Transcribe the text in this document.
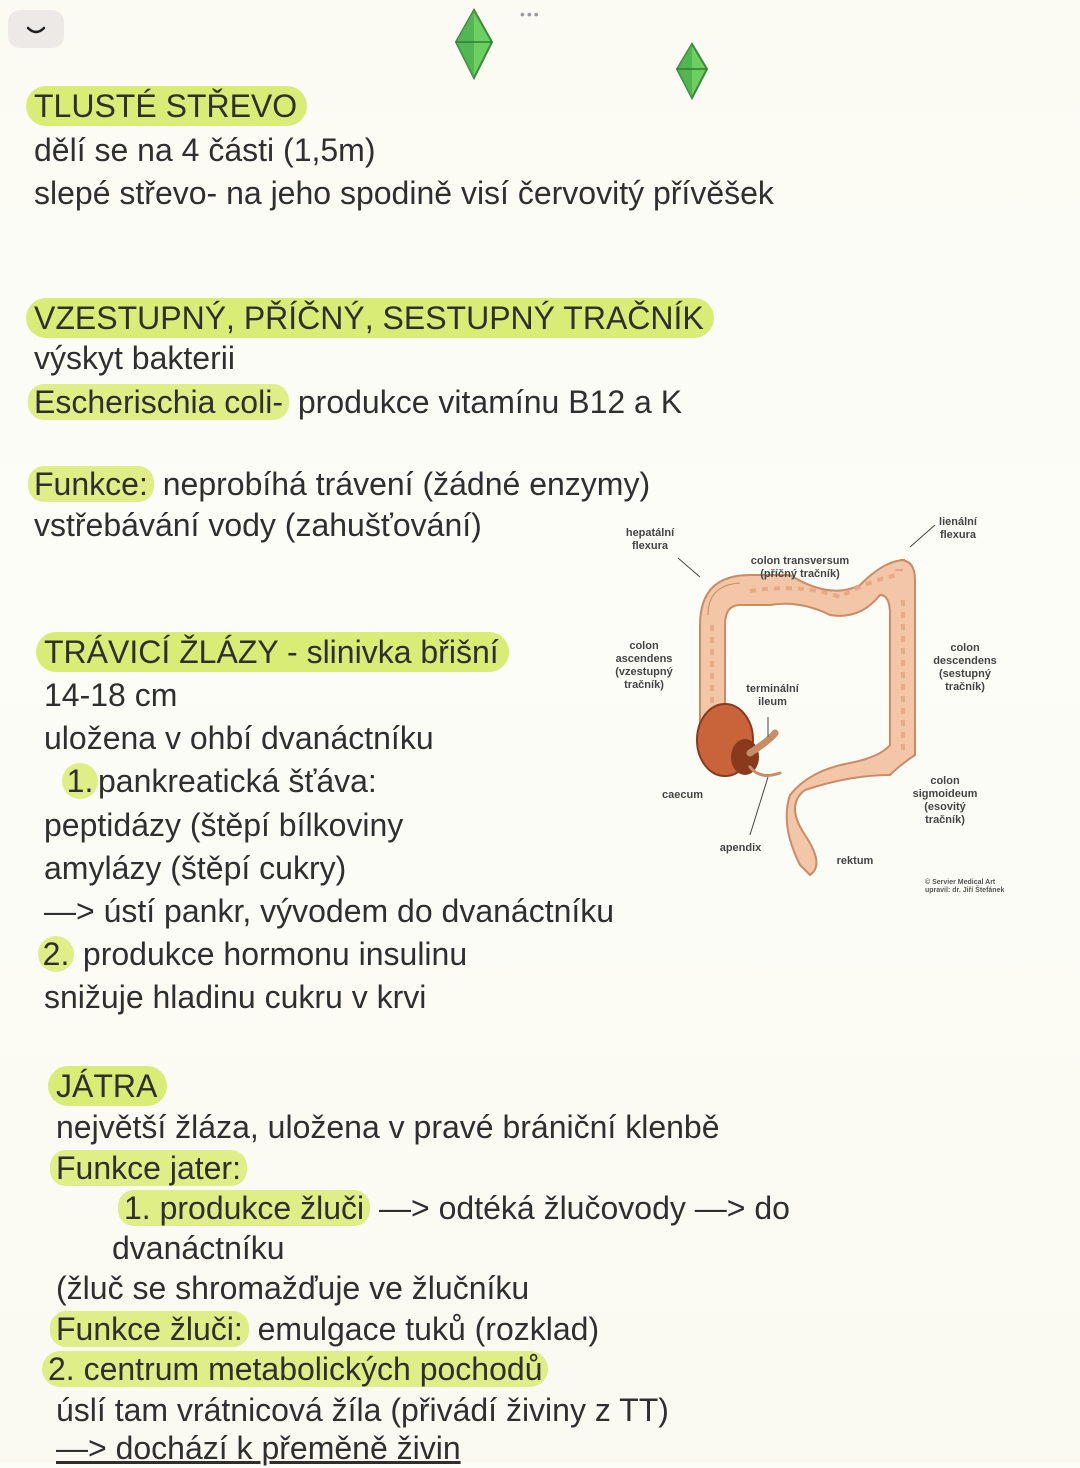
•••
TLUSTÉ STŘEVO
dělí se na 4 části (1,5m)
slepé střevo- na jeho spodině visí červovitý přívěšek
VZESTUPNÝ, PŘÍČNÝ, SESTUPNÝ TRAČNÍK
výskyt bakterii
Escherischia coli- produkce vitamínu B12 a K
Funkce: neprobíhá trávení (žádné enzymy)
vstřebávání vody (zahušťování)
TRÁVICÍ ŽLÁZY - slinivka břišní
14-18 cm
uložena v ohbí dvanáctníku
1. pankreatická šťáva:
peptidázy (štěpí bílkoviny
amylázy (štěpí cukry)
—> ústí pankr, vývodem do dvanáctníku
2. produkce hormonu insulinu
snižuje hladinu cukru v krvi
JÁTRA
největší žláza, uložena v pravé brániční klenbě
Funkce jater:
1. produkce žluči —> odtéká žlučovody —> do
dvanáctníku
(žluč se shromažďuje ve žlučníku
Funkce žluči: emulgace tuků (rozklad)
2. centrum metabolických pochodů
úslí tam vrátnicová žíla (přivádí živiny z TT)
—> dochází k přeměně živin
hepatální
flexura
lienální
flexura
colon transversum
(příčný tračník)
colon
ascendens
(vzestupný
tračník)
colon
descendens
(sestupný
tračník)
terminální
ileum
caecum
colon
sigmoideum
(esovitý
tračník)
apendix
rektum
© Servier Medical Art
upravil: dr. Jiří Štefánek
